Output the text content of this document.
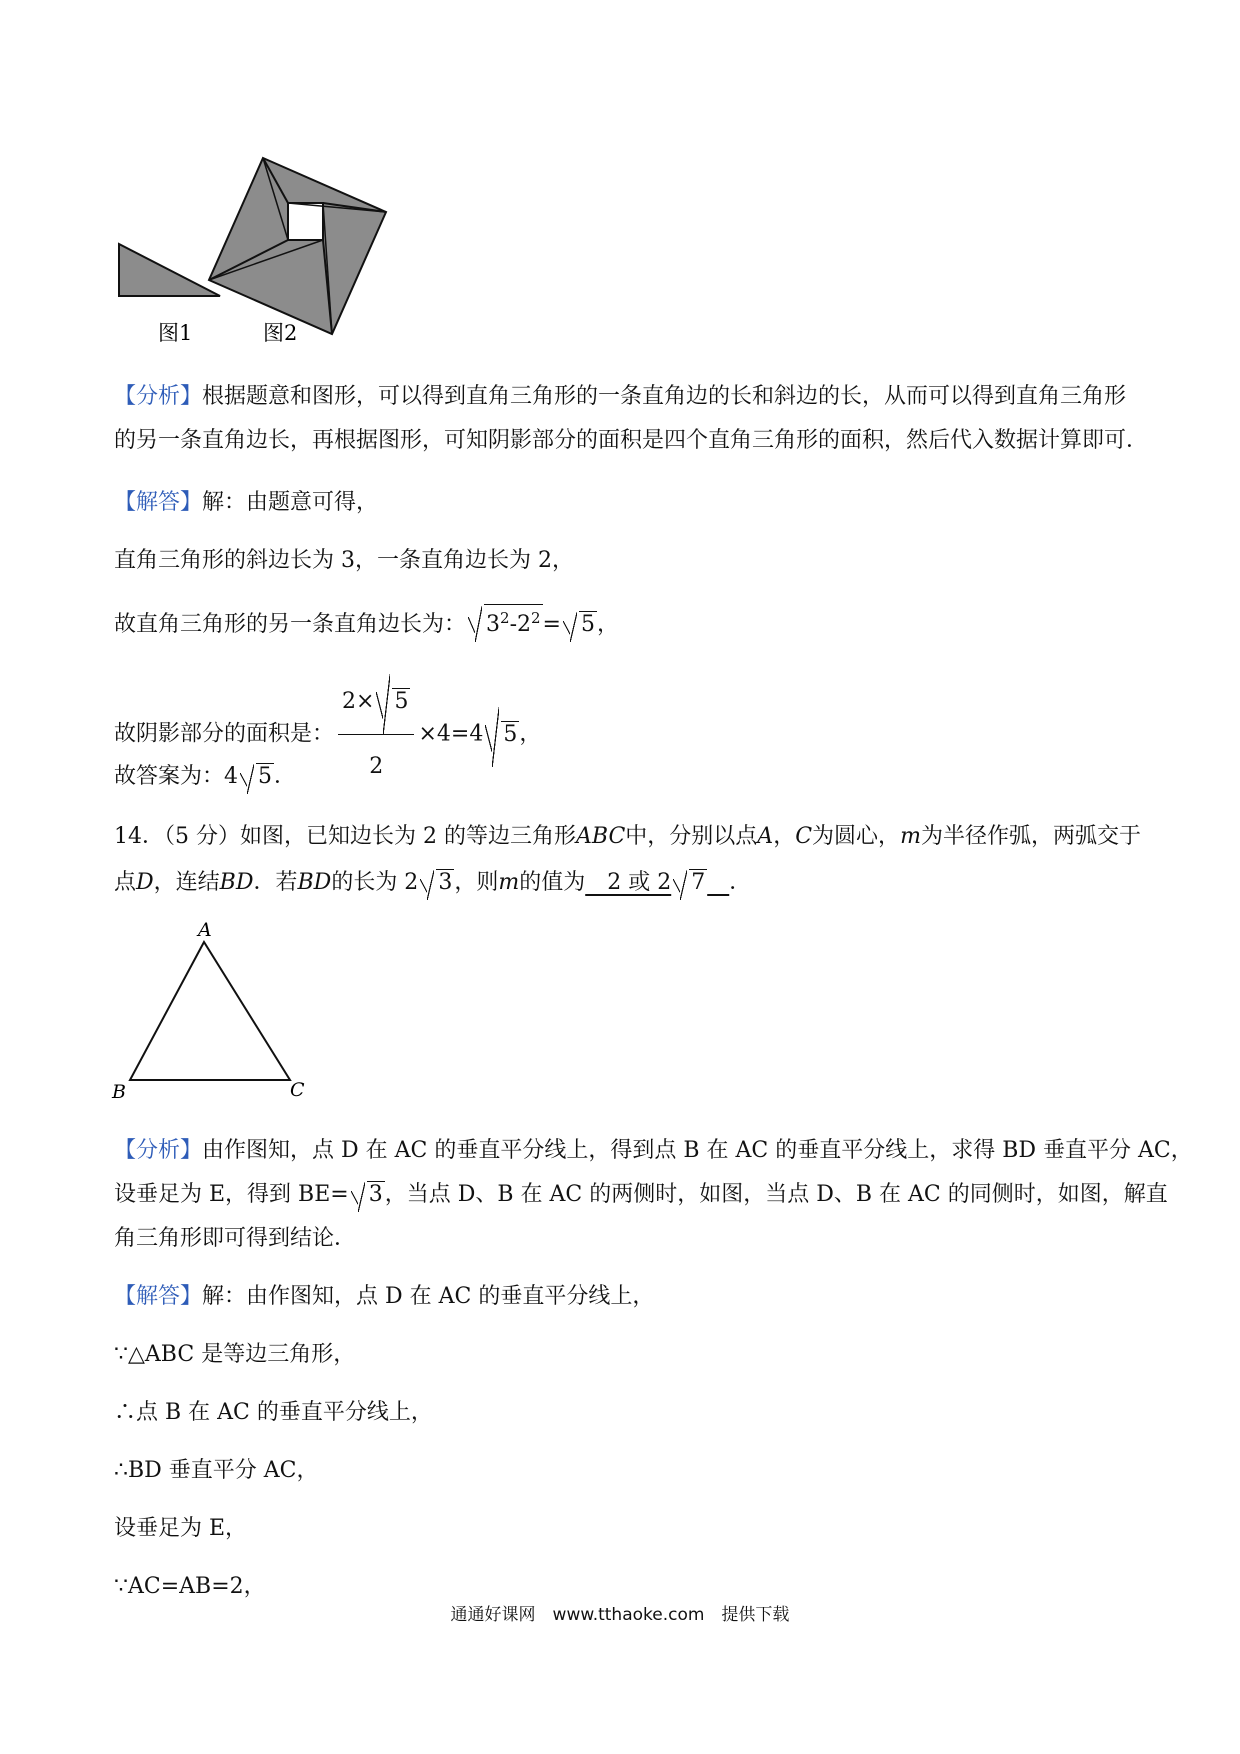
图1	图2
【分析】根据题意和图形，可以得到直角三角形的一条直角边的长和斜边的长，从而可以得到直角三角形
的另一条直角边长，再根据图形，可知阴影部分的面积是四个直角三角形的面积，然后代入数据计算即可．
【解答】解：由题意可得，
直角三角形的斜边长为 3，一条直角边长为 2，
故直角三角形的另一条直角边长为： $3^2-2^2= 5$，
故阴影部分的面积是： $\frac{2\times 5}{2} \times 4=4$ 5，
故答案为：4 5．
14．（5 分）如图，已知边长为 2 的等边三角形ABC中，分别以点A，C为圆心，m为半径作弧，两弧交于
点D，连结BD．若BD的长为 2 3，则m的值为　2 或 2 7　 ．
A
B	C
【分析】由作图知，点 D 在 AC 的垂直平分线上，得到点 B 在 AC 的垂直平分线上，求得 BD 垂直平分 AC，
设垂足为 E，得到 BE= 3，当点 D、B 在 AC 的两侧时，如图，当点 D、B 在 AC 的同侧时，如图，解直
角三角形即可得到结论．
【解答】解：由作图知，点 D 在 AC 的垂直平分线上，
∵△ABC 是等边三角形，
∴点 B 在 AC 的垂直平分线上，
∴BD 垂直平分 AC，
设垂足为 E，
∵AC=AB=2，
通通好课网　www.tthaoke.com　提供下载
